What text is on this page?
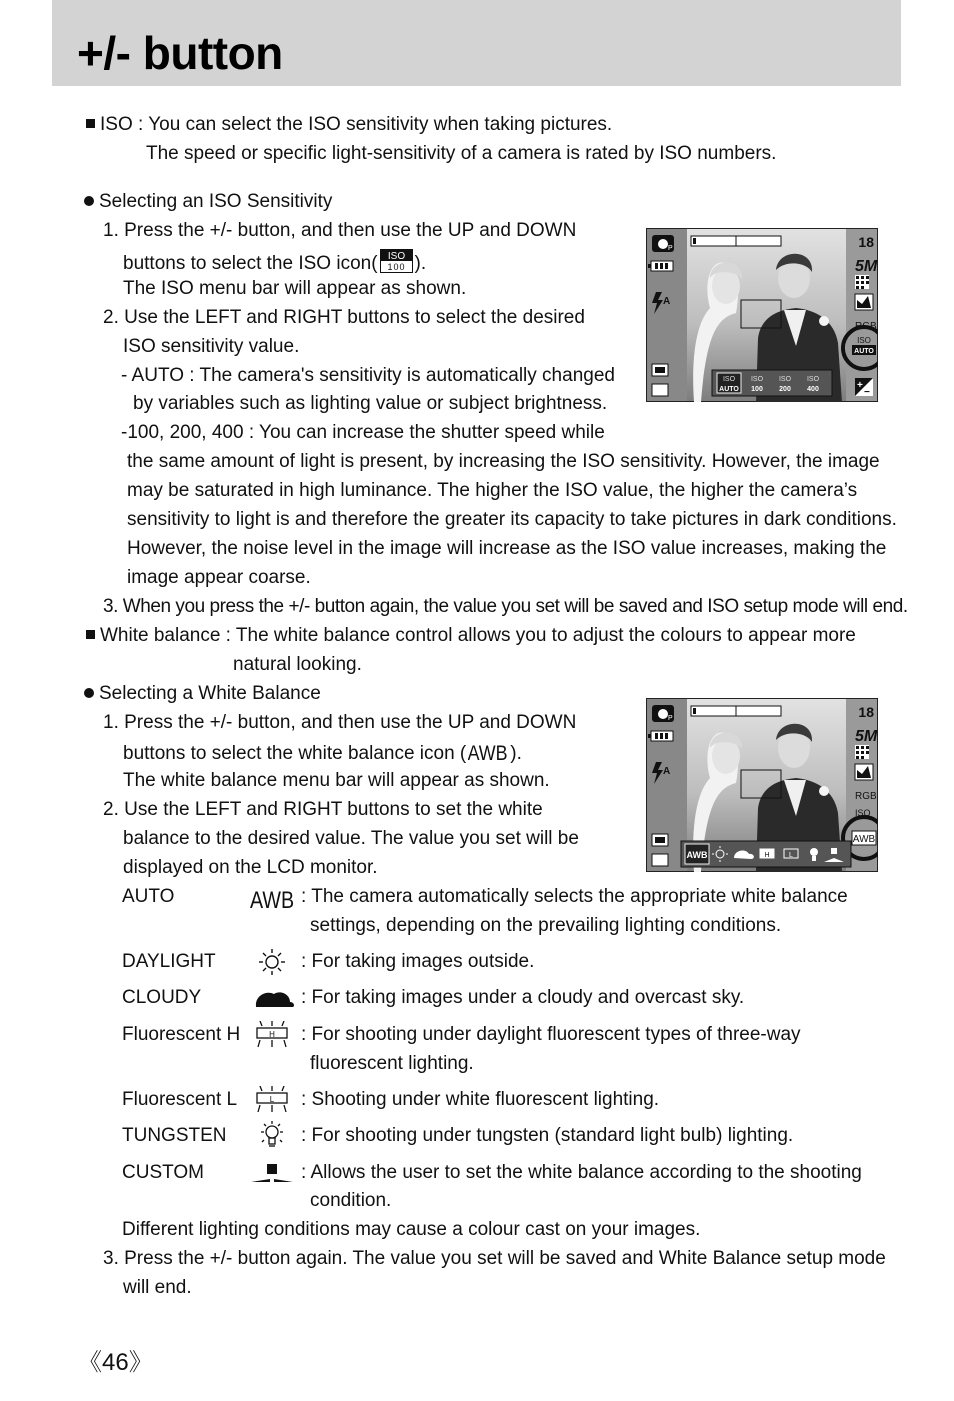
+/- button
ISO : You can select the ISO sensitivity when taking pictures.
The speed or specific light-sensitivity of a camera is rated by ISO numbers.
Selecting an ISO Sensitivity
1. Press the +/- button, and then use the UP and DOWN
buttons to select the ISO icon( ISO
100 ).
The ISO menu bar will appear as shown.
2. Use the LEFT and RIGHT buttons to select the desired
ISO sensitivity value.
- AUTO : The camera's sensitivity is automatically changed
by variables such as lighting value or subject brightness.
-100, 200, 400 : You can increase the shutter speed while
the same amount of light is present, by increasing the ISO sensitivity. However, the image
may be saturated in high luminance. The higher the ISO value, the higher the camera’s
sensitivity to light is and therefore the greater its capacity to take pictures in dark conditions.
However, the noise level in the image will increase as the ISO value increases, making the
image appear coarse.
3. When you press the +/- button again, the value you set will be saved and ISO setup mode will end.
P	18
5M
A
RGB
ISO
AUTO
+
−
ISO
AUTO
ISO
100
ISO
200
ISO
400
White balance : The white balance control allows you to adjust the colours to appear more
natural looking.
Selecting a White Balance
1. Press the +/- button, and then use the UP and DOWN
buttons to select the white balance icon ( AWB ).
The white balance menu bar will appear as shown.
2. Use the LEFT and RIGHT buttons to set the white
balance to the desired value. The value you set will be
displayed on the LCD monitor.
P	18
5M
A
RGB
ISO
AWB
AWB	H	L
AUTO	AWB : The camera automatically selects the appropriate white balance
settings, depending on the prevailing lighting conditions.
DAYLIGHT	: For taking images outside.
CLOUDY	: For taking images under a cloudy and overcast sky.
Fluorescent H	H : For shooting under daylight fluorescent types of three-way
fluorescent lighting.
Fluorescent L	L : Shooting under white fluorescent lighting.
TUNGSTEN	: For shooting under tungsten (standard light bulb) lighting.
CUSTOM	: Allows the user to set the white balance according to the shooting
condition.
Different lighting conditions may cause a colour cast on your images.
3. Press the +/- button again. The value you set will be saved and White Balance setup mode
will end.
《46》
